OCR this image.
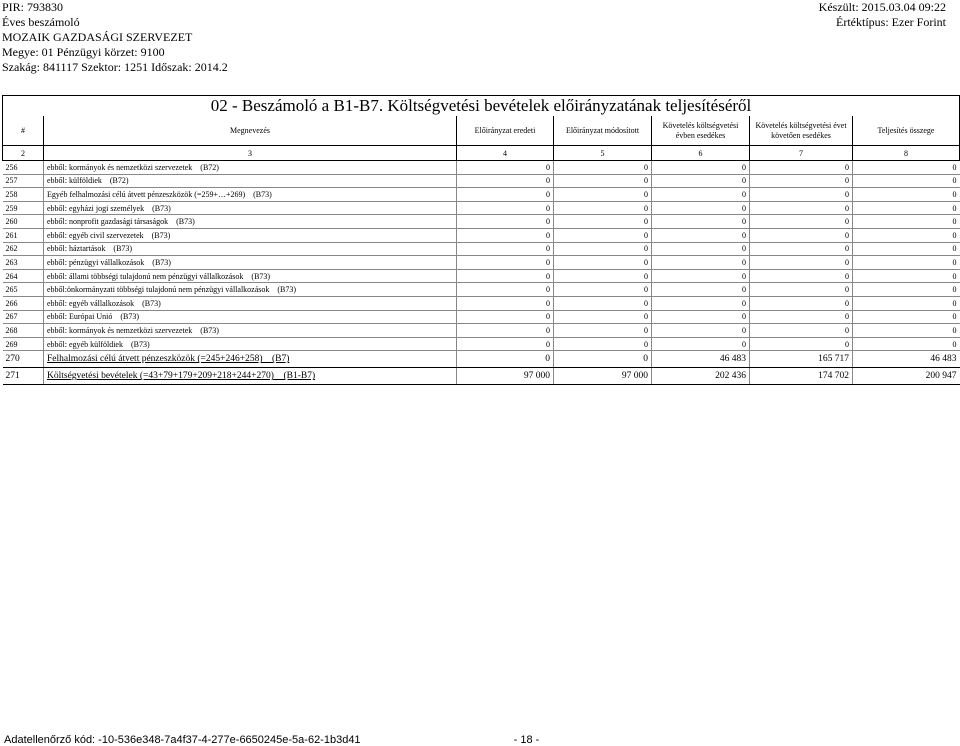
PIR: 793830
Éves beszámoló
MOZAIK GAZDASÁGI SZERVEZET
Megye: 01 Pénzügyi körzet: 9100
Szakág: 841117 Szektor: 1251 Időszak: 2014.2
Készült: 2015.03.04 09:22
Értéktípus: Ezer Forint
02 - Beszámoló a B1-B7. Költségvetési bevételek előirányzatának teljesítéséről						
#	Megnevezés	Előirányzat eredeti	Előirányzat módosított	Követelés költségvetési évben esedékes	Követelés költségvetési évet követően esedékes	Teljesítés összege
2	3	4	5	6	7	8
256	ebből: kormányok és nemzetközi szervezetek    (B72)	0	0	0	0	0
257	ebből: külföldiek    (B72)	0	0	0	0	0
258	Egyéb felhalmozási célú átvett pénzeszközök (=259+…+269)    (B73)	0	0	0	0	0
259	ebből: egyházi jogi személyek    (B73)	0	0	0	0	0
260	ebből: nonprofit gazdasági társaságok    (B73)	0	0	0	0	0
261	ebből: egyéb civil szervezetek    (B73)	0	0	0	0	0
262	ebből: háztartások    (B73)	0	0	0	0	0
263	ebből: pénzügyi vállalkozások    (B73)	0	0	0	0	0
264	ebből: állami többségi tulajdonú nem pénzügyi vállalkozások    (B73)	0	0	0	0	0
265	ebből:önkormányzati többségi tulajdonú nem pénzügyi vállalkozások    (B73)	0	0	0	0	0
266	ebből: egyéb vállalkozások    (B73)	0	0	0	0	0
267	ebből: Európai Unió    (B73)	0	0	0	0	0
268	ebből: kormányok és nemzetközi szervezetek    (B73)	0	0	0	0	0
269	ebből: egyéb külföldiek    (B73)	0	0	0	0	0
270	Felhalmozási célú átvett pénzeszközök (=245+246+258)    (B7)	0	0	46 483	165 717	46 483
271	Költségvetési bevételek (=43+79+179+209+218+244+270)    (B1-B7)	97 000	97 000	202 436	174 702	200 947
Adatellenőrző kód: -10-536e348-7a4f37-4-277e-6650245e-5a-62-1b3d41	- 18 -
